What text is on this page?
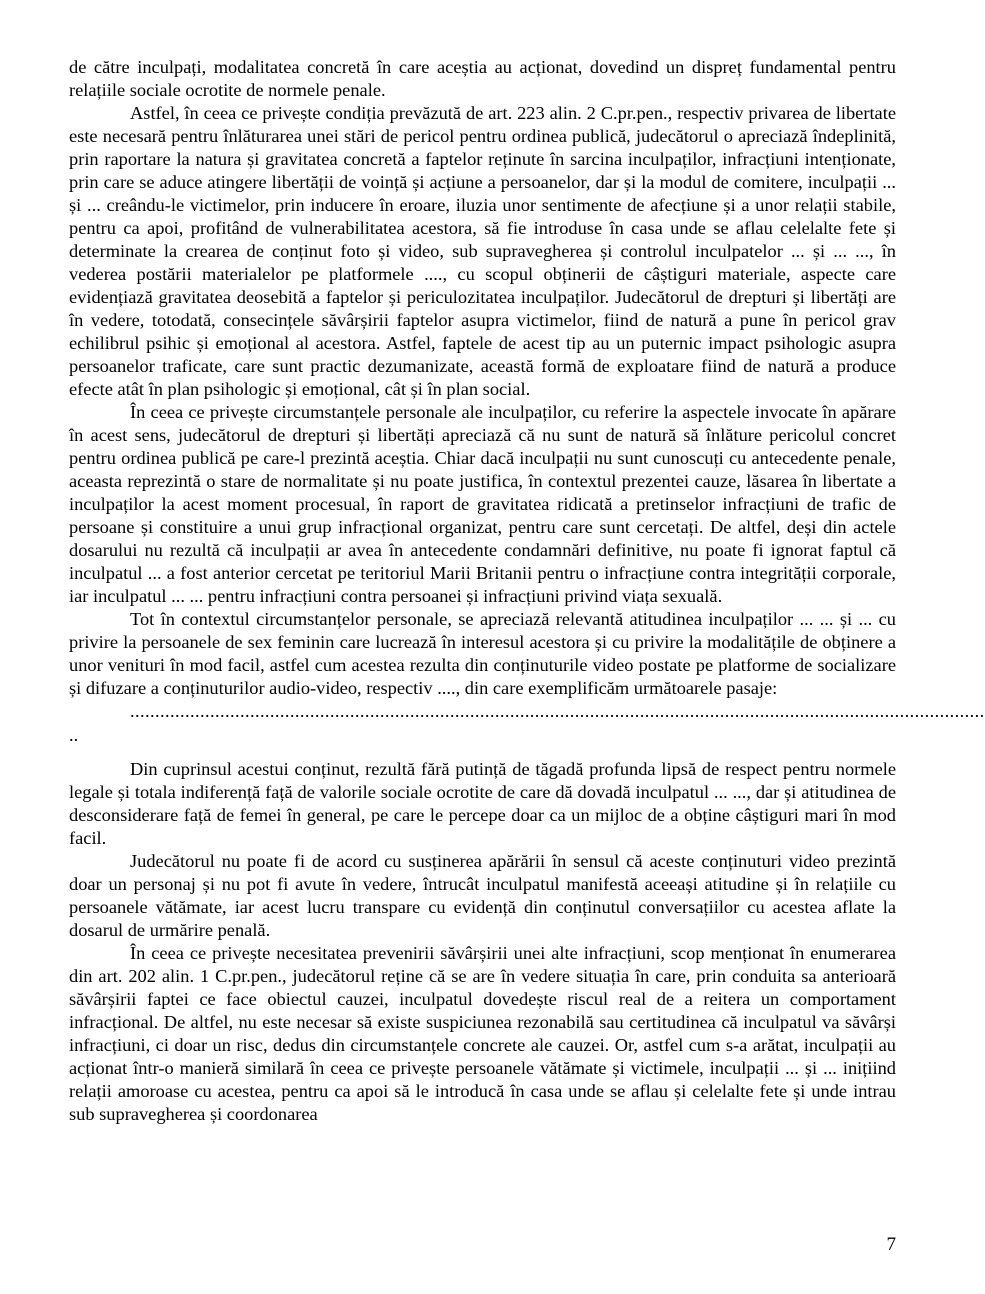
de către inculpați, modalitatea concretă în care aceștia au acționat, dovedind un dispreț fundamental pentru relațiile sociale ocrotite de normele penale.

Astfel, în ceea ce privește condiția prevăzută de art. 223 alin. 2 C.pr.pen., respectiv privarea de libertate este necesară pentru înlăturarea unei stări de pericol pentru ordinea publică, judecătorul o apreciază îndeplinită, prin raportare la natura și gravitatea concretă a faptelor reținute în sarcina inculpaților, infracțiuni intenționate, prin care se aduce atingere libertății de voință și acțiune a persoanelor, dar și la modul de comitere, inculpații ... și ... creându-le victimelor, prin inducere în eroare, iluzia unor sentimente de afecțiune și a unor relații stabile, pentru ca apoi, profitând de vulnerabilitatea acestora, să fie introduse în casa unde se aflau celelalte fete și determinate la crearea de conținut foto și video, sub supravegherea și controlul inculpatelor ... și ... ..., în vederea postării materialelor pe platformele ...., cu scopul obținerii de câștiguri materiale, aspecte care evidențiază gravitatea deosebită a faptelor și periculozitatea inculpaților. Judecătorul de drepturi și libertăți are în vedere, totodată, consecințele săvârșirii faptelor asupra victimelor, fiind de natură a pune în pericol grav echilibrul psihic și emoțional al acestora. Astfel, faptele de acest tip au un puternic impact psihologic asupra persoanelor traficate, care sunt practic dezumanizate, această formă de exploatare fiind de natură a produce efecte atât în plan psihologic și emoțional, cât și în plan social.

În ceea ce privește circumstanțele personale ale inculpaților, cu referire la aspectele invocate în apărare în acest sens, judecătorul de drepturi și libertăți apreciază că nu sunt de natură să înlăture pericolul concret pentru ordinea publică pe care-l prezintă aceștia. Chiar dacă inculpații nu sunt cunoscuți cu antecedente penale, aceasta reprezintă o stare de normalitate și nu poate justifica, în contextul prezentei cauze, lăsarea în libertate a inculpaților la acest moment procesual, în raport de gravitatea ridicată a pretinselor infracțiuni de trafic de persoane și constituire a unui grup infracțional organizat, pentru care sunt cercetați. De altfel, deși din actele dosarului nu rezultă că inculpații ar avea în antecedente condamnări definitive, nu poate fi ignorat faptul că inculpatul ... a fost anterior cercetat pe teritoriul Marii Britanii pentru o infracțiune contra integrității corporale, iar inculpatul ... ... pentru infracțiuni contra persoanei și infracțiuni privind viața sexuală.

Tot în contextul circumstanțelor personale, se apreciază relevantă atitudinea inculpaților ... ... și ... cu privire la persoanele de sex feminin care lucrează în interesul acestora și cu privire la modalitățile de obținere a unor venituri în mod facil, astfel cum acestea rezulta din conținuturile video postate pe platforme de socializare și difuzare a conținuturilor audio-video, respectiv ...., din care exemplificăm următoarele pasaje:

...........................................................................................................................................................................

..

Din cuprinsul acestui conținut, rezultă fără putință de tăgadă profunda lipsă de respect pentru normele legale și totala indiferență față de valorile sociale ocrotite de care dă dovadă inculpatul ... ..., dar și atitudinea de desconsiderare față de femei în general, pe care le percepe doar ca un mijloc de a obține câștiguri mari în mod facil.

Judecătorul nu poate fi de acord cu susținerea apărării în sensul că aceste conținuturi video prezintă doar un personaj și nu pot fi avute în vedere, întrucât inculpatul manifestă aceeași atitudine și în relațiile cu persoanele vătămate, iar acest lucru transpare cu evidență din conținutul conversațiilor cu acestea aflate la dosarul de urmărire penală.

În ceea ce privește necesitatea prevenirii săvârșirii unei alte infracțiuni, scop menționat în enumerarea din art. 202 alin. 1 C.pr.pen., judecătorul reține că se are în vedere situația în care, prin conduita sa anterioară săvârșirii faptei ce face obiectul cauzei, inculpatul dovedește riscul real de a reitera un comportament infracțional. De altfel, nu este necesar să existe suspiciunea rezonabilă sau certitudinea că inculpatul va săvârși infracțiuni, ci doar un risc, dedus din circumstanțele concrete ale cauzei. Or, astfel cum s-a arătat, inculpații au acționat într-o manieră similară în ceea ce privește persoanele vătămate și victimele, inculpații ... și ... inițiind relații amoroase cu acestea, pentru ca apoi să le introducă în casa unde se aflau și celelalte fete și unde intrau sub supravegherea și coordonarea

7
